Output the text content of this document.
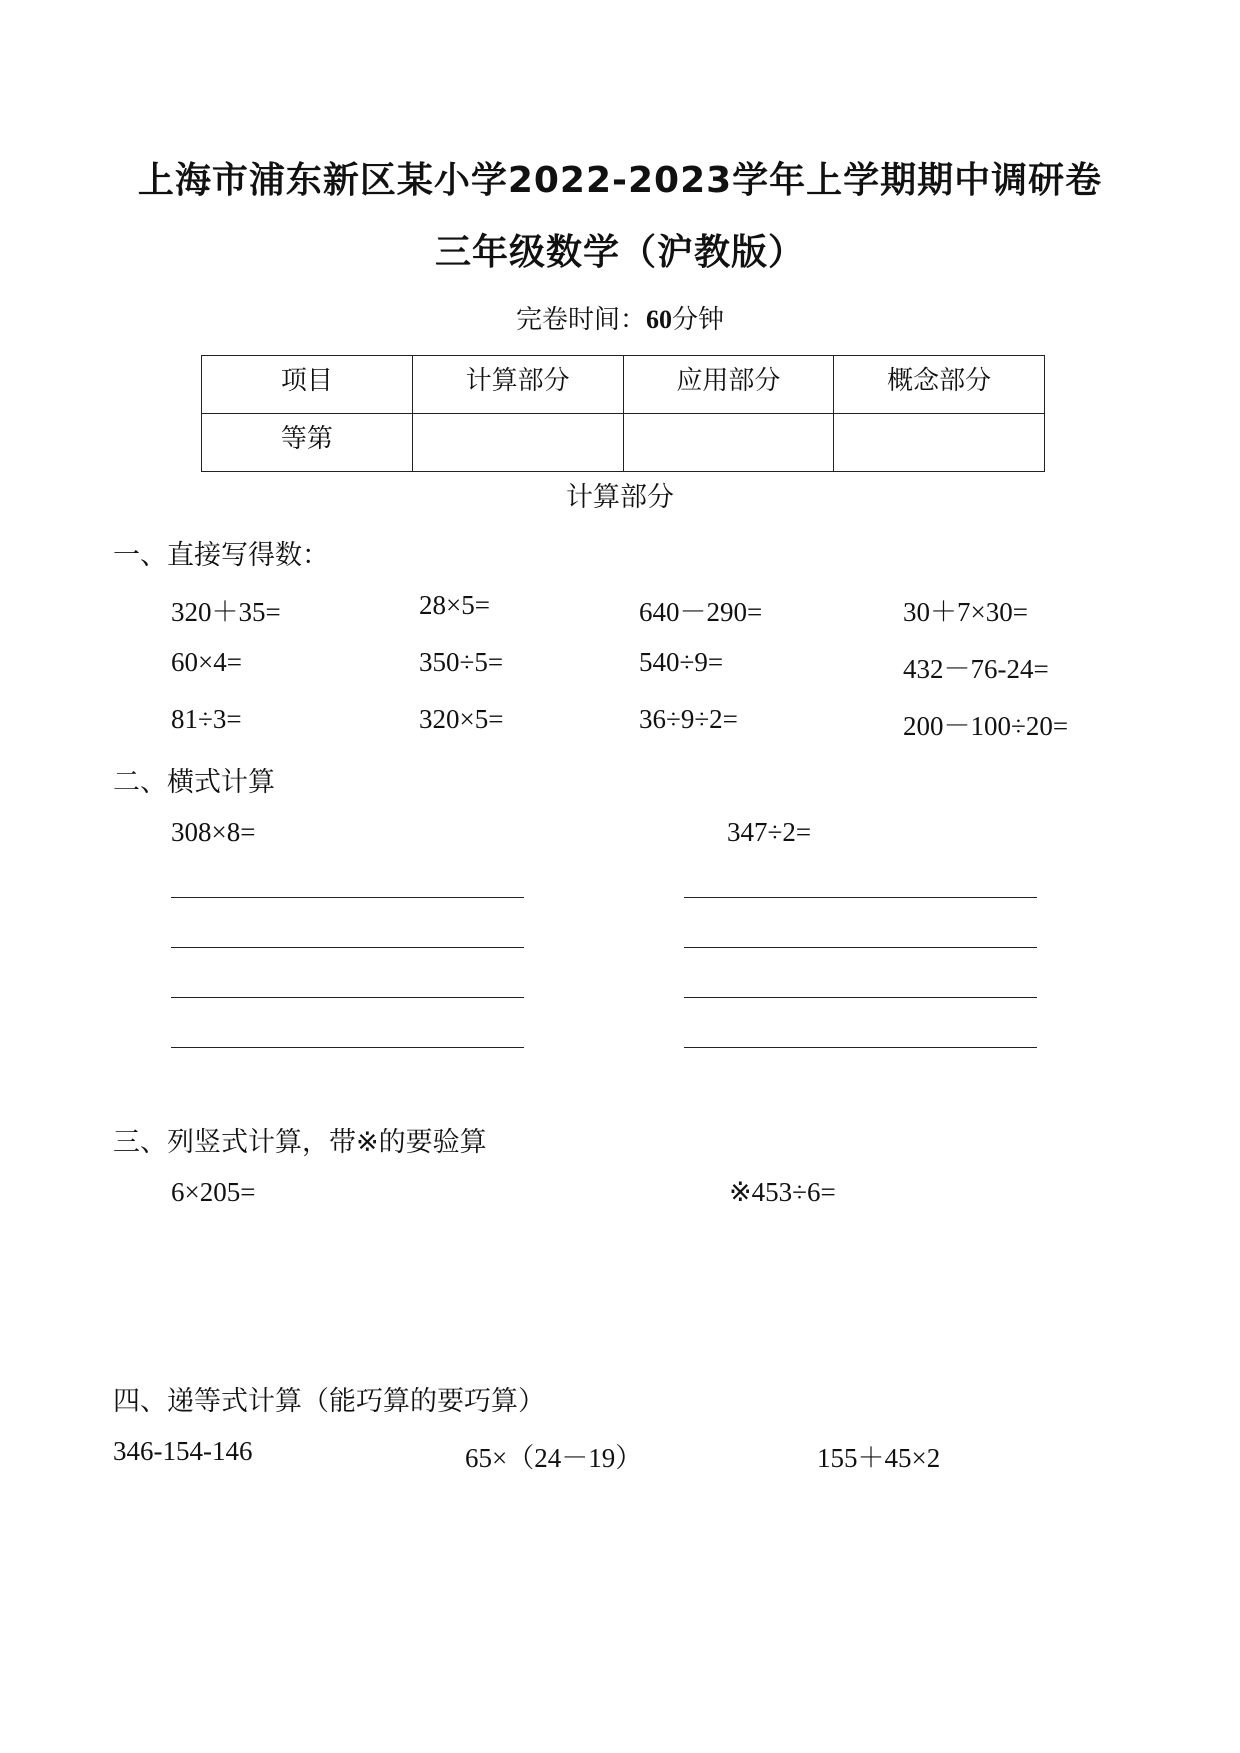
上海市浦东新区某小学2022-2023学年上学期期中调研卷
三年级数学（沪教版）
完卷时间：60分钟
项目	计算部分	应用部分	概念部分
等第			
计算部分
一、直接写得数：
320＋35=	28×5=	640－290=	30＋7×30=
60×4=	350÷5=	540÷9=	432－76-24=
81÷3=	320×5=	36÷9÷2=	200－100÷20=
二、横式计算
308×8=	347÷2=
三、列竖式计算，带※的要验算
6×205=	※453÷6=
四、递等式计算（能巧算的要巧算）
346-154-146	65×（24－19）	155＋45×2
